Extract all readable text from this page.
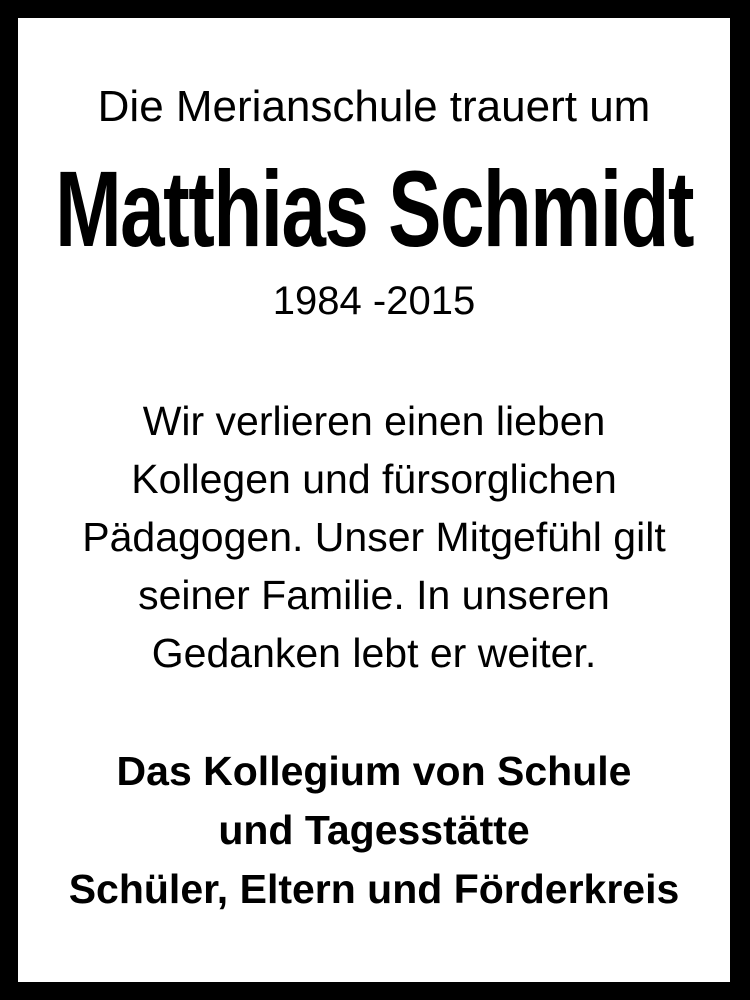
Die Merianschule trauert um
Matthias Schmidt
1984 -2015
Wir verlieren einen lieben
Kollegen und fürsorglichen
Pädagogen. Unser Mitgefühl gilt
seiner Familie. In unseren
Gedanken lebt er weiter.
Das Kollegium von Schule
und Tagesstätte
Schüler, Eltern und Förderkreis
